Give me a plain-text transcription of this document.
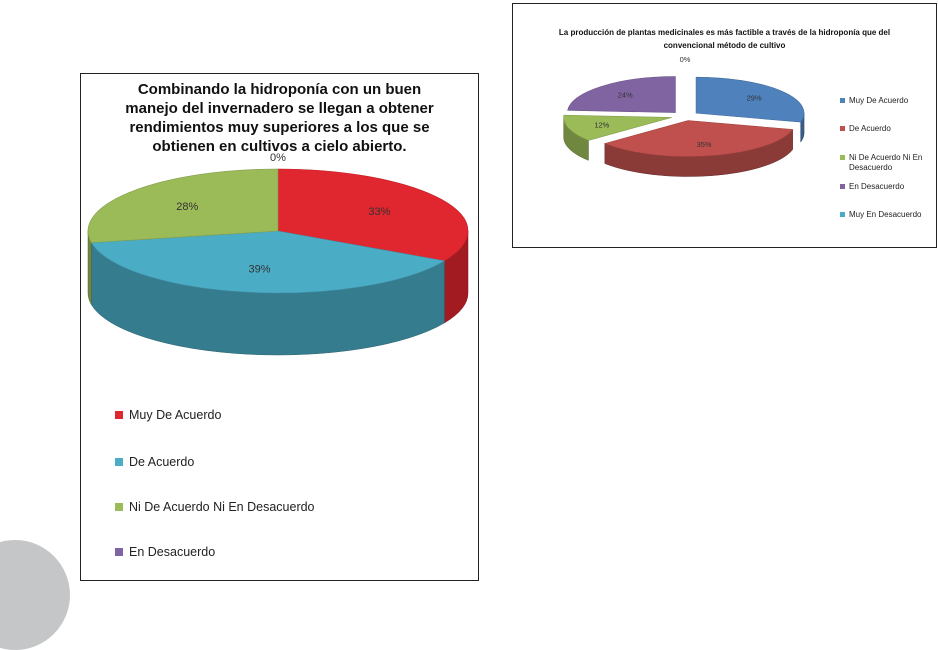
Combinando la hidroponía con un buen manejo del invernadero se llegan a obtener rendimientos muy superiores a los que se obtienen en cultivos a cielo abierto.
33%
39%
28%
0%
Muy De Acuerdo
De Acuerdo
Ni De Acuerdo Ni En Desacuerdo
En Desacuerdo
La producción de plantas medicinales es más factible a través de la hidroponía que del convencional método de cultivo
29%
35%
12%
24%
0%
Muy De Acuerdo
De Acuerdo
Ni De Acuerdo Ni En Desacuerdo
En Desacuerdo
Muy En Desacuerdo
